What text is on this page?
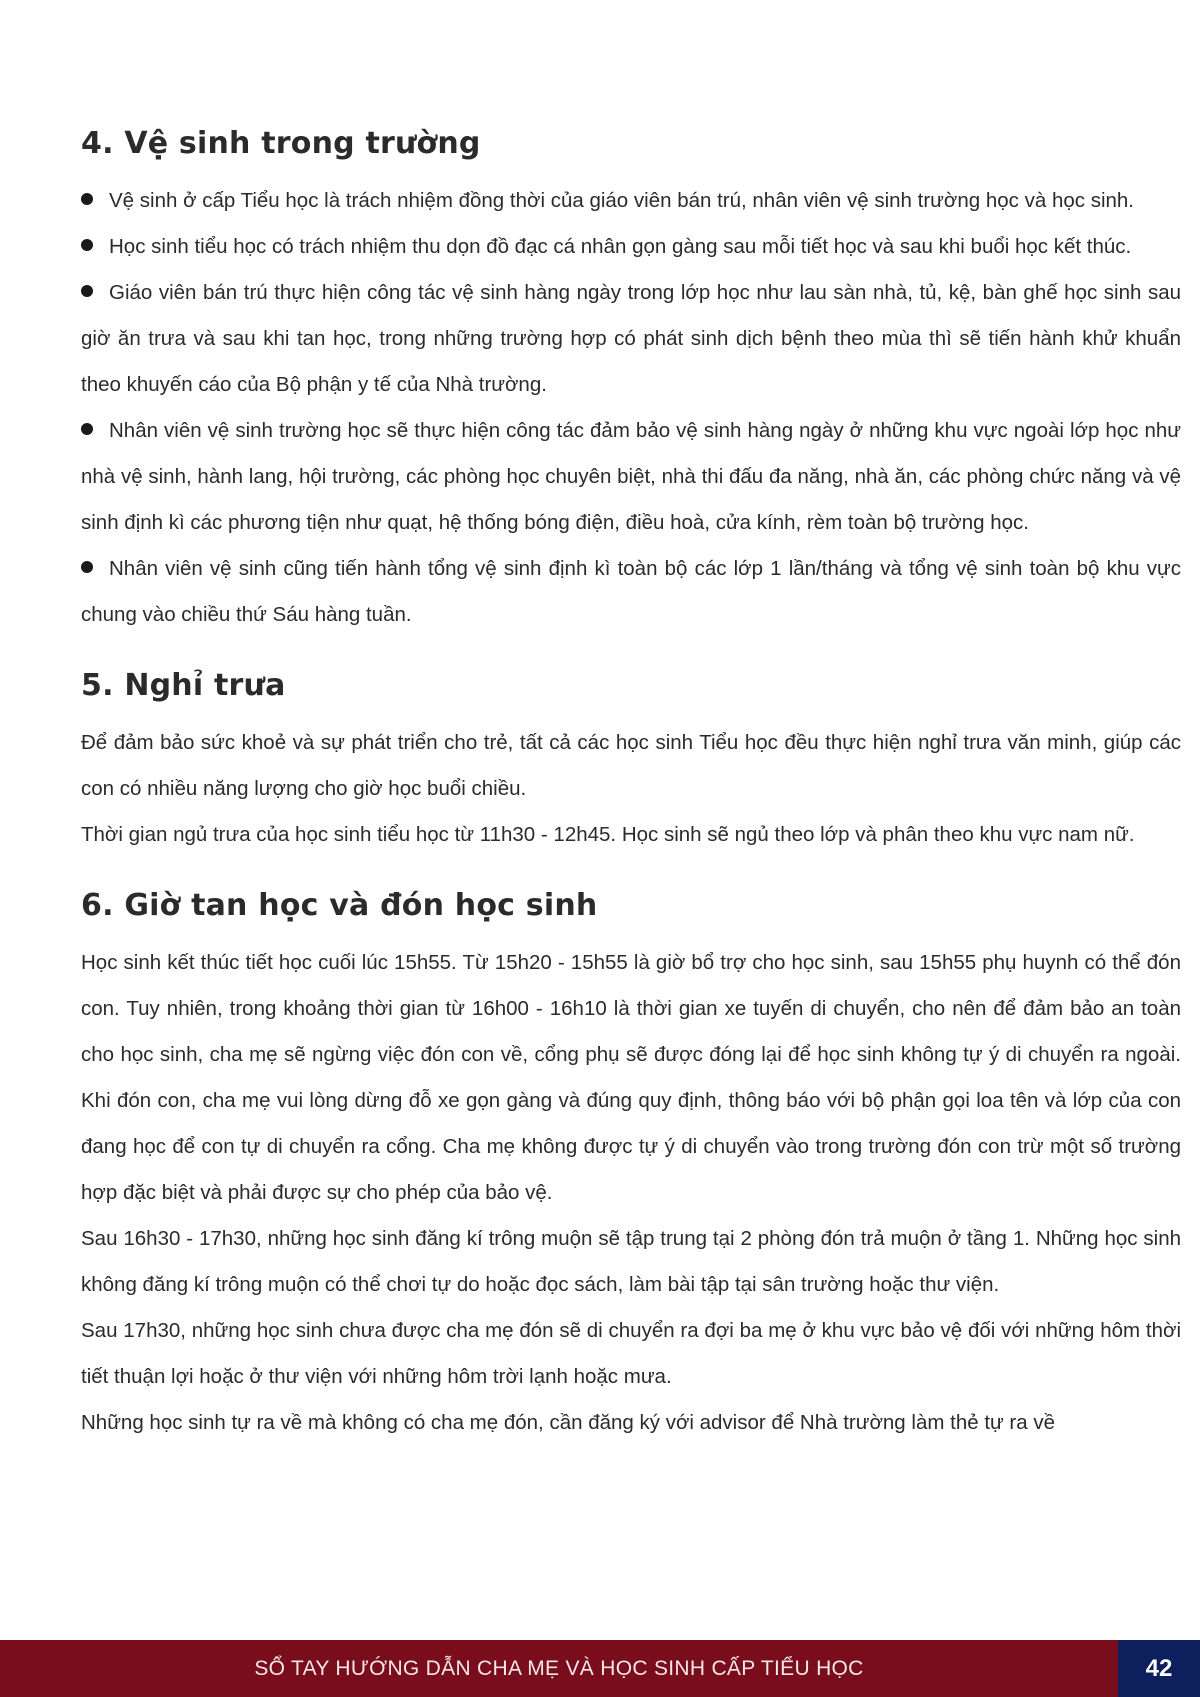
4. Vệ sinh trong trường

Vệ sinh ở cấp Tiểu học là trách nhiệm đồng thời của giáo viên bán trú, nhân viên vệ sinh trường học và học sinh.

Học sinh tiểu học có trách nhiệm thu dọn đồ đạc cá nhân gọn gàng sau mỗi tiết học và sau khi buổi học kết thúc.

Giáo viên bán trú thực hiện công tác vệ sinh hàng ngày trong lớp học như lau sàn nhà, tủ, kệ, bàn ghế học sinh sau giờ ăn trưa và sau khi tan học, trong những trường hợp có phát sinh dịch bệnh theo mùa thì sẽ tiến hành khử khuẩn theo khuyến cáo của Bộ phận y tế của Nhà trường.

Nhân viên vệ sinh trường học sẽ thực hiện công tác đảm bảo vệ sinh hàng ngày ở những khu vực ngoài lớp học như nhà vệ sinh, hành lang, hội trường, các phòng học chuyên biệt, nhà thi đấu đa năng, nhà ăn, các phòng chức năng và vệ sinh định kì các phương tiện như quạt, hệ thống bóng điện, điều hoà, cửa kính, rèm toàn bộ trường học.

Nhân viên vệ sinh cũng tiến hành tổng vệ sinh định kì toàn bộ các lớp 1 lần/tháng và tổng vệ sinh toàn bộ khu vực chung vào chiều thứ Sáu hàng tuần.

5. Nghỉ trưa

Để đảm bảo sức khoẻ và sự phát triển cho trẻ, tất cả các học sinh Tiểu học đều thực hiện nghỉ trưa văn minh, giúp các con có nhiều năng lượng cho giờ học buổi chiều.

Thời gian ngủ trưa của học sinh tiểu học từ 11h30 - 12h45. Học sinh sẽ ngủ theo lớp và phân theo khu vực nam nữ.

6. Giờ tan học và đón học sinh

Học sinh kết thúc tiết học cuối lúc 15h55. Từ 15h20 - 15h55 là giờ bổ trợ cho học sinh, sau 15h55 phụ huynh có thể đón con. Tuy nhiên, trong khoảng thời gian từ 16h00 - 16h10 là thời gian xe tuyến di chuyển, cho nên để đảm bảo an toàn cho học sinh, cha mẹ sẽ ngừng việc đón con về, cổng phụ sẽ được đóng lại để học sinh không tự ý di chuyển ra ngoài. Khi đón con, cha mẹ vui lòng dừng đỗ xe gọn gàng và đúng quy định, thông báo với bộ phận gọi loa tên và lớp của con đang học để con tự di chuyển ra cổng. Cha mẹ không được tự ý di chuyển vào trong trường đón con trừ một số trường hợp đặc biệt và phải được sự cho phép của bảo vệ.

Sau 16h30 - 17h30, những học sinh đăng kí trông muộn sẽ tập trung tại 2 phòng đón trả muộn ở tầng 1. Những học sinh không đăng kí trông muộn có thể chơi tự do hoặc đọc sách, làm bài tập tại sân trường hoặc thư viện.

Sau 17h30, những học sinh chưa được cha mẹ đón sẽ di chuyển ra đợi ba mẹ ở khu vực bảo vệ đối với những hôm thời tiết thuận lợi hoặc ở thư viện với những hôm trời lạnh hoặc mưa.

Những học sinh tự ra về mà không có cha mẹ đón, cần đăng ký với advisor để Nhà trường làm thẻ tự ra về

SỔ TAY HƯỚNG DẪN CHA MẸ VÀ HỌC SINH CẤP TIỂU HỌC	42
